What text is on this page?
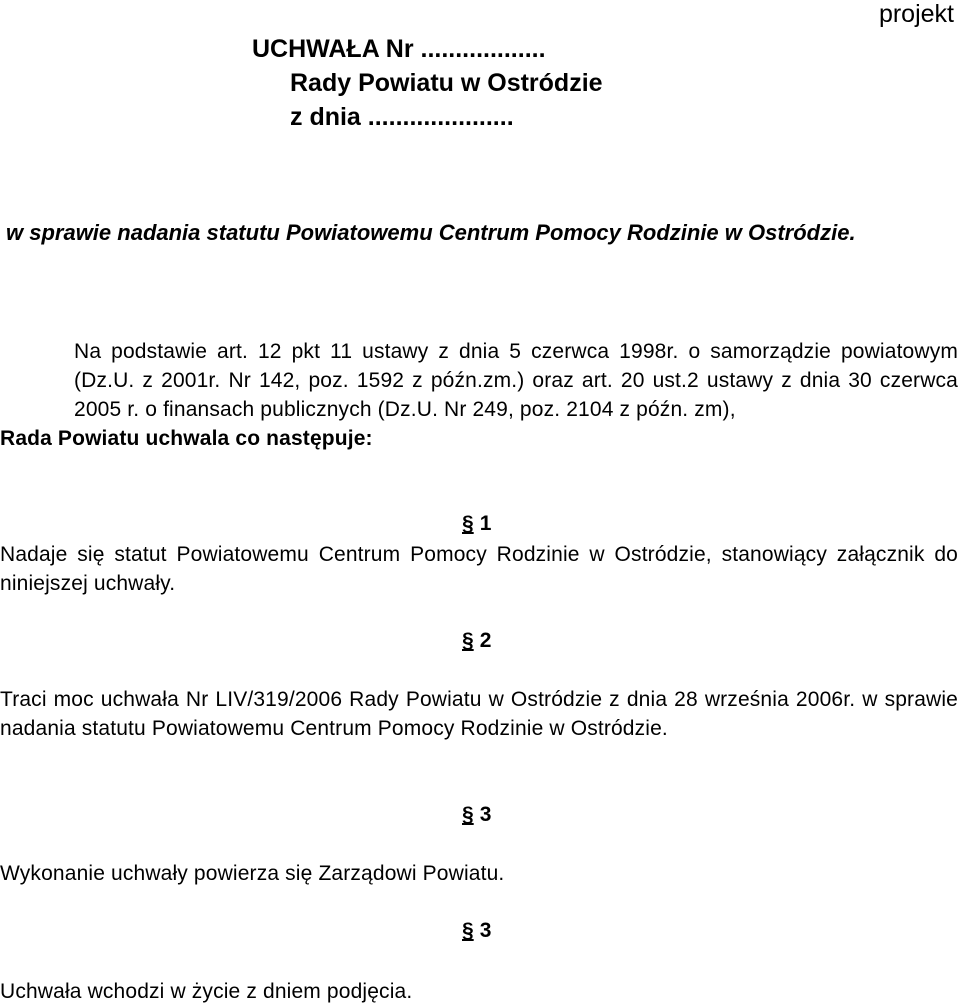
projekt
UCHWAŁA Nr ..................
Rady Powiatu w Ostródzie
z dnia .....................
w sprawie nadania statutu Powiatowemu Centrum Pomocy Rodzinie w Ostródzie.
Na podstawie art. 12 pkt 11 ustawy z dnia 5 czerwca 1998r. o samorządzie powiatowym (Dz.U. z 2001r. Nr 142, poz. 1592 z późn.zm.) oraz art. 20 ust.2 ustawy z dnia 30 czerwca 2005 r. o finansach publicznych (Dz.U. Nr 249, poz. 2104 z późn. zm),
Rada Powiatu uchwala co następuje:
§ 1
Nadaje się statut Powiatowemu Centrum Pomocy Rodzinie w Ostródzie, stanowiący załącznik do niniejszej uchwały.
§ 2
Traci moc uchwała Nr LIV/319/2006 Rady Powiatu w Ostródzie z dnia 28 września 2006r. w sprawie nadania statutu Powiatowemu Centrum Pomocy Rodzinie w Ostródzie.
§ 3
Wykonanie uchwały powierza się Zarządowi Powiatu.
§ 3
Uchwała wchodzi w życie z dniem podjęcia.
